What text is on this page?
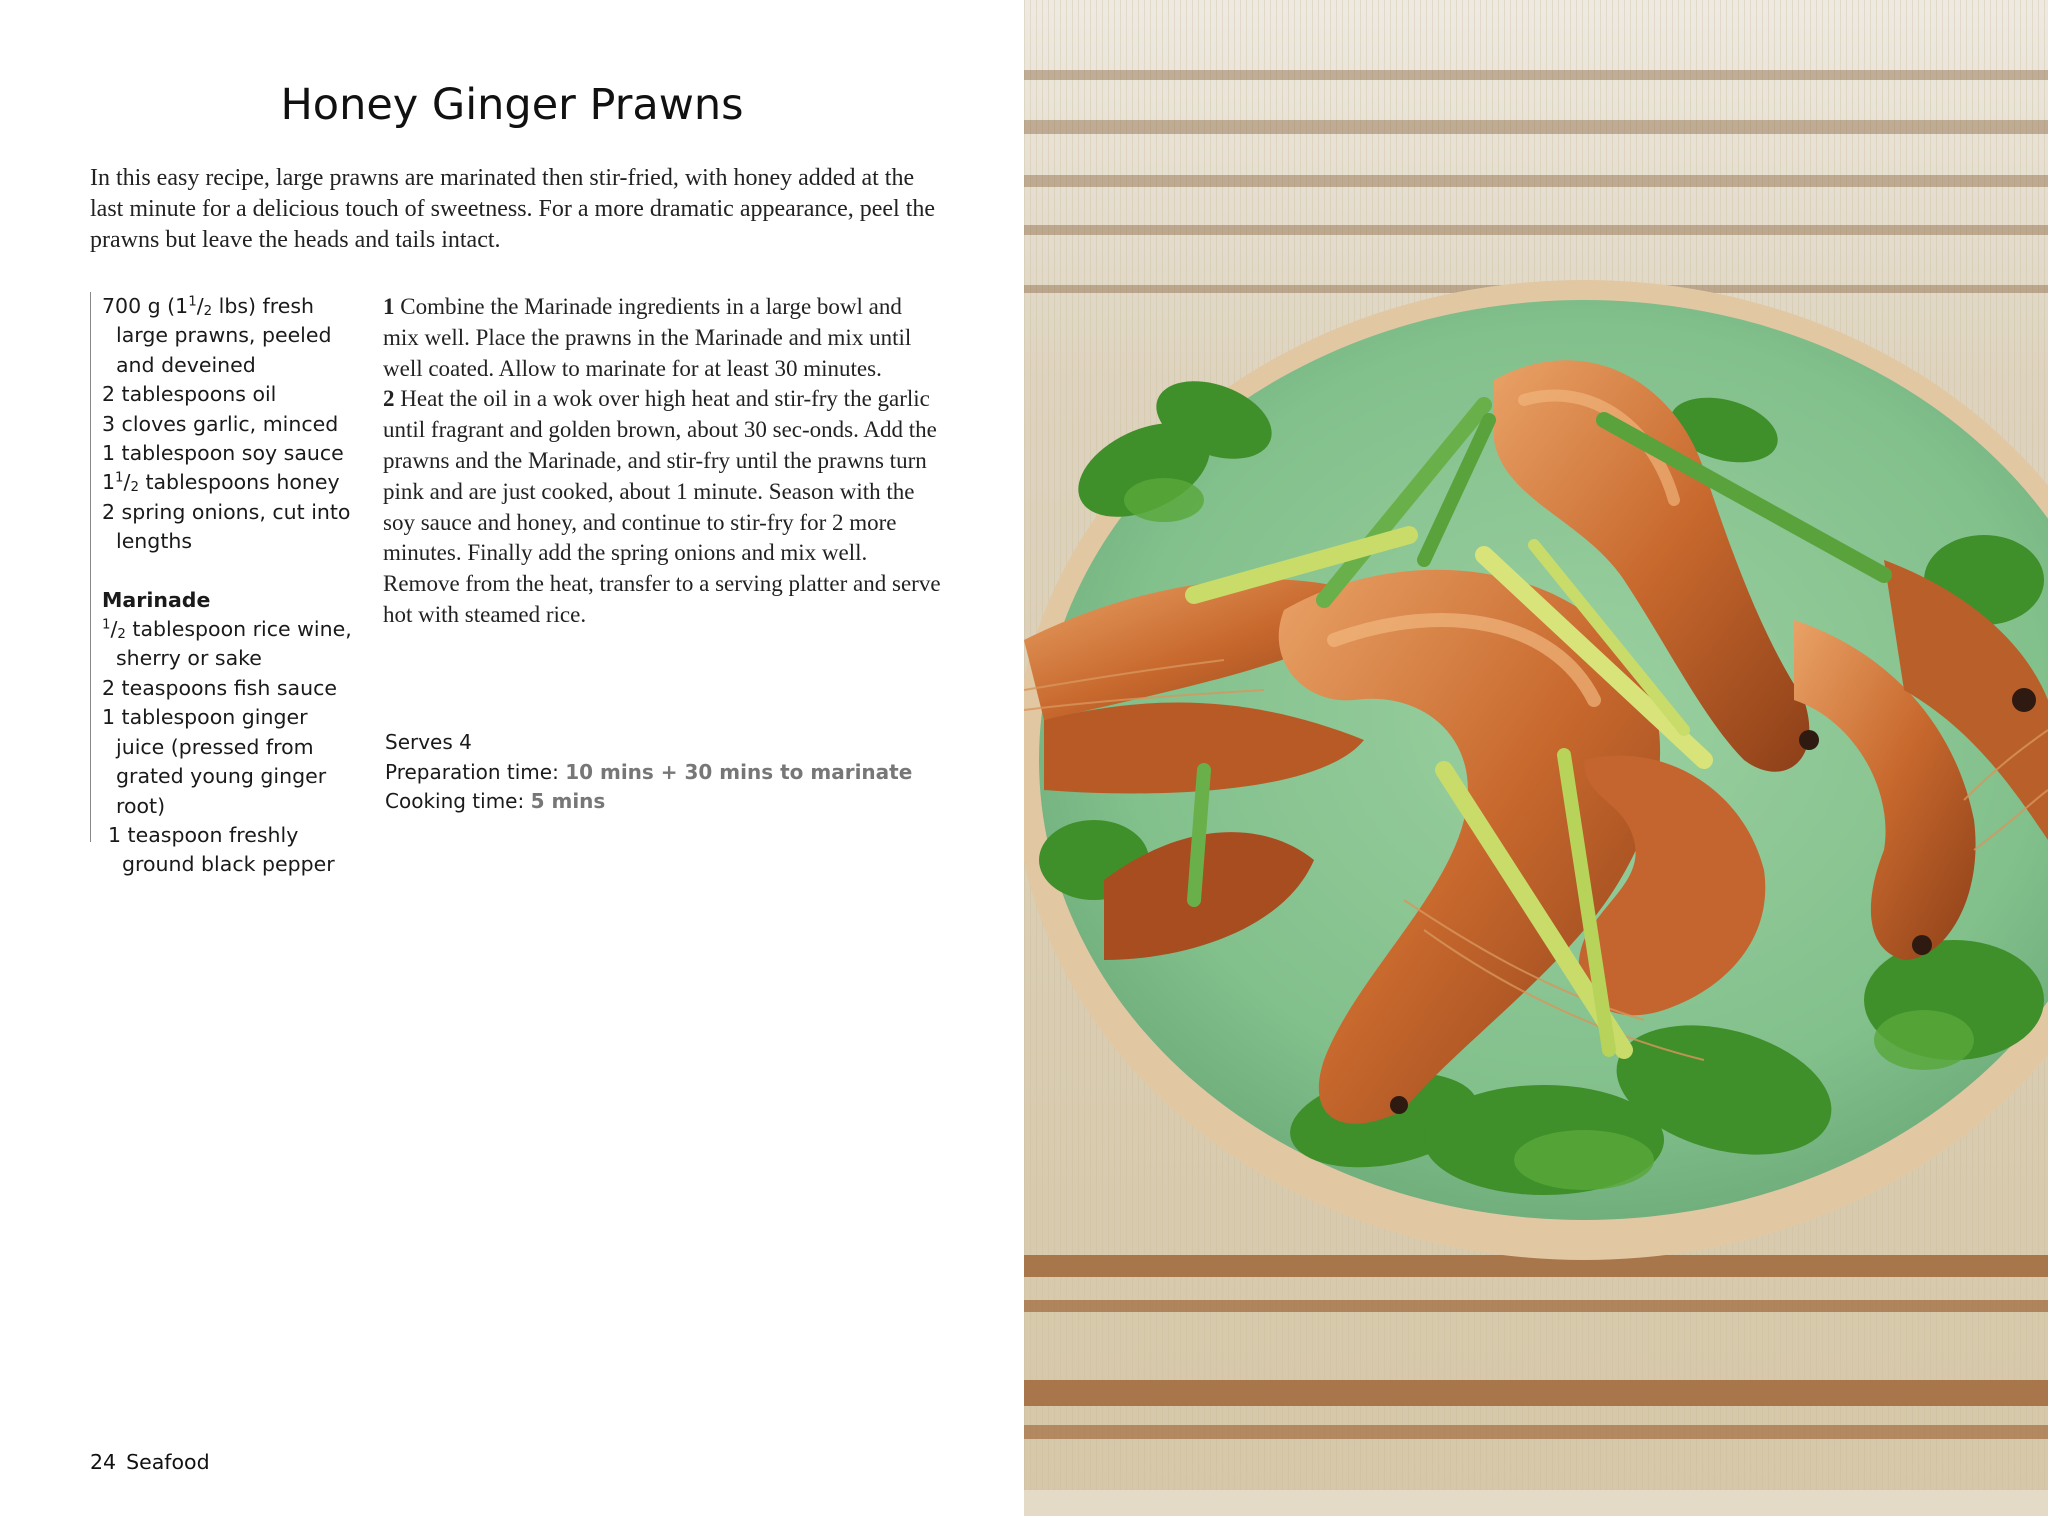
Honey Ginger Prawns

In this easy recipe, large prawns are marinated then stir-fried, with honey added at the last minute for a delicious touch of sweetness. For a more dramatic appearance, peel the prawns but leave the heads and tails intact.

700 g ($1^1/_2$ lbs) fresh large prawns, peeled and deveined
2 tablespoons oil
3 cloves garlic, minced
1 tablespoon soy sauce
$1^1/_2$ tablespoons honey
2 spring onions, cut into lengths
Marinade
$^1/_2$ tablespoon rice wine, sherry or sake
2 teaspoons fish sauce
1 tablespoon ginger juice (pressed from grated young ginger root)
1 teaspoon freshly ground black pepper

1 Combine the Marinade ingredients in a large bowl and mix well. Place the prawns in the Marinade and mix until well coated. Allow to marinate for at least 30 minutes.

2 Heat the oil in a wok over high heat and stir-fry the garlic until fragrant and golden brown, about 30 sec-onds. Add the prawns and the Marinade, and stir-fry until the prawns turn pink and are just cooked, about 1 minute. Season with the soy sauce and honey, and continue to stir-fry for 2 more minutes. Finally add the spring onions and mix well. Remove from the heat, transfer to a serving platter and serve hot with steamed rice.

Serves 4
Preparation time: 10 mins + 30 mins to marinate
Cooking time: 5 mins
24 Seafood
